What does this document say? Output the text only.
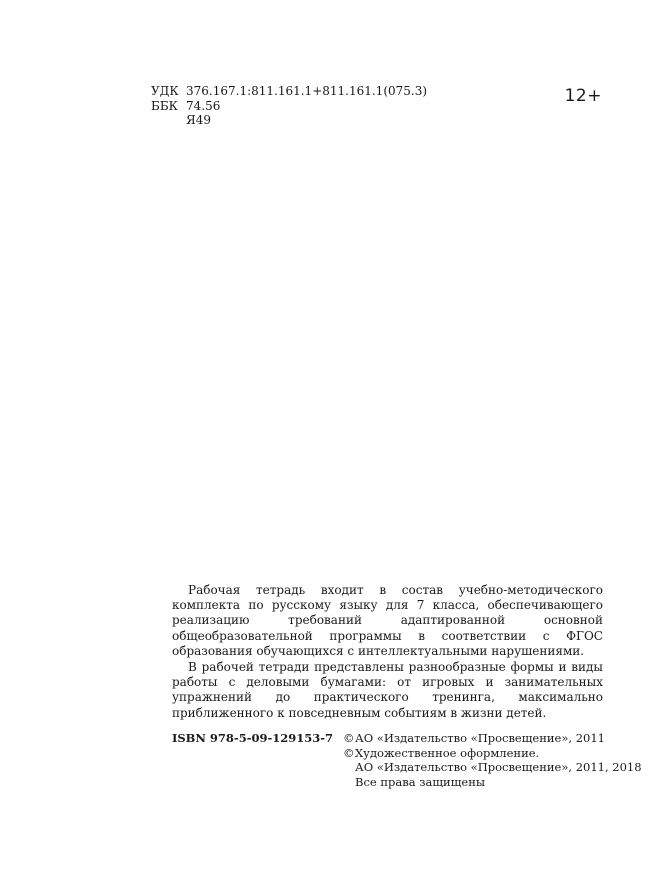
УДК 376.167.1:811.161.1+811.161.1(075.3)
ББК 74.56
Я49
12+

Рабочая тетрадь входит в состав учебно-методического комплекта по русскому языку для 7 класса, обеспечивающего реализацию требований адаптированной основной общеобразовательной программы в соответствии с ФГОС образования обучающихся с интеллектуальными нарушениями.

В рабочей тетради представлены разнообразные формы и виды работы с деловыми бумагами: от игровых и занимательных упражнений до практического тренинга, максимально приближенного к повседневным событиям в жизни детей.

ISBN 978-5-09-129153-7 ©АО «Издательство «Просвещение», 2011
©Художественное оформление.
АО «Издательство «Просвещение», 2011, 2018
Все права защищены
